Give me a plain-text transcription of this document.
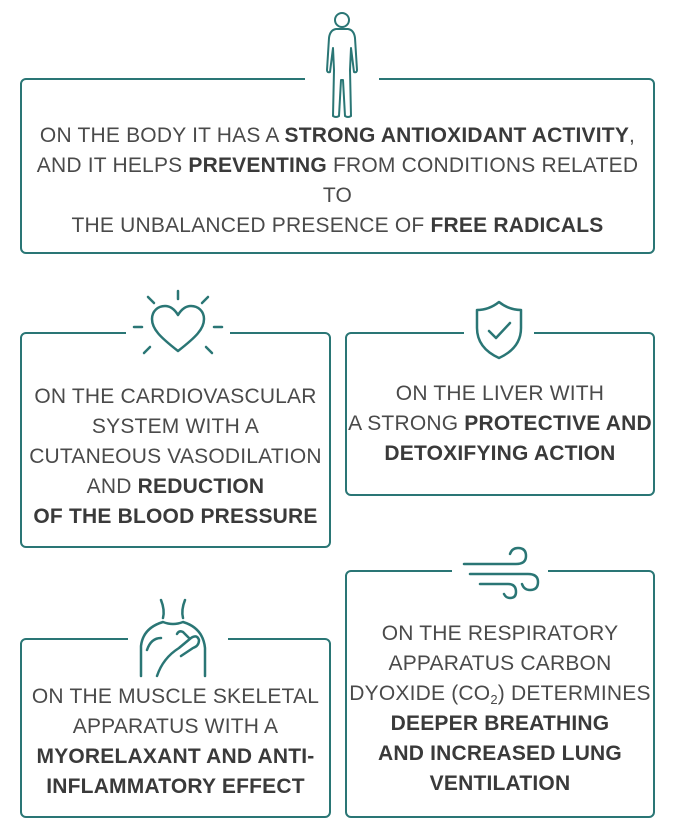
ON THE BODY IT HAS A STRONG ANTIOXIDANT ACTIVITY,
AND IT HELPS PREVENTING FROM CONDITIONS RELATED TO
THE UNBALANCED PRESENCE OF FREE RADICALS
ON THE CARDIOVASCULAR
SYSTEM WITH A
CUTANEOUS VASODILATION
AND REDUCTION
OF THE BLOOD PRESSURE
ON THE LIVER WITH
A STRONG PROTECTIVE AND
DETOXIFYING ACTION
ON THE MUSCLE SKELETAL
APPARATUS WITH A
MYORELAXANT AND ANTI-
INFLAMMATORY EFFECT
ON THE RESPIRATORY
APPARATUS CARBON
DYOXIDE $(CO_2)$ DETERMINES
DEEPER BREATHING
AND INCREASED LUNG
VENTILATION
